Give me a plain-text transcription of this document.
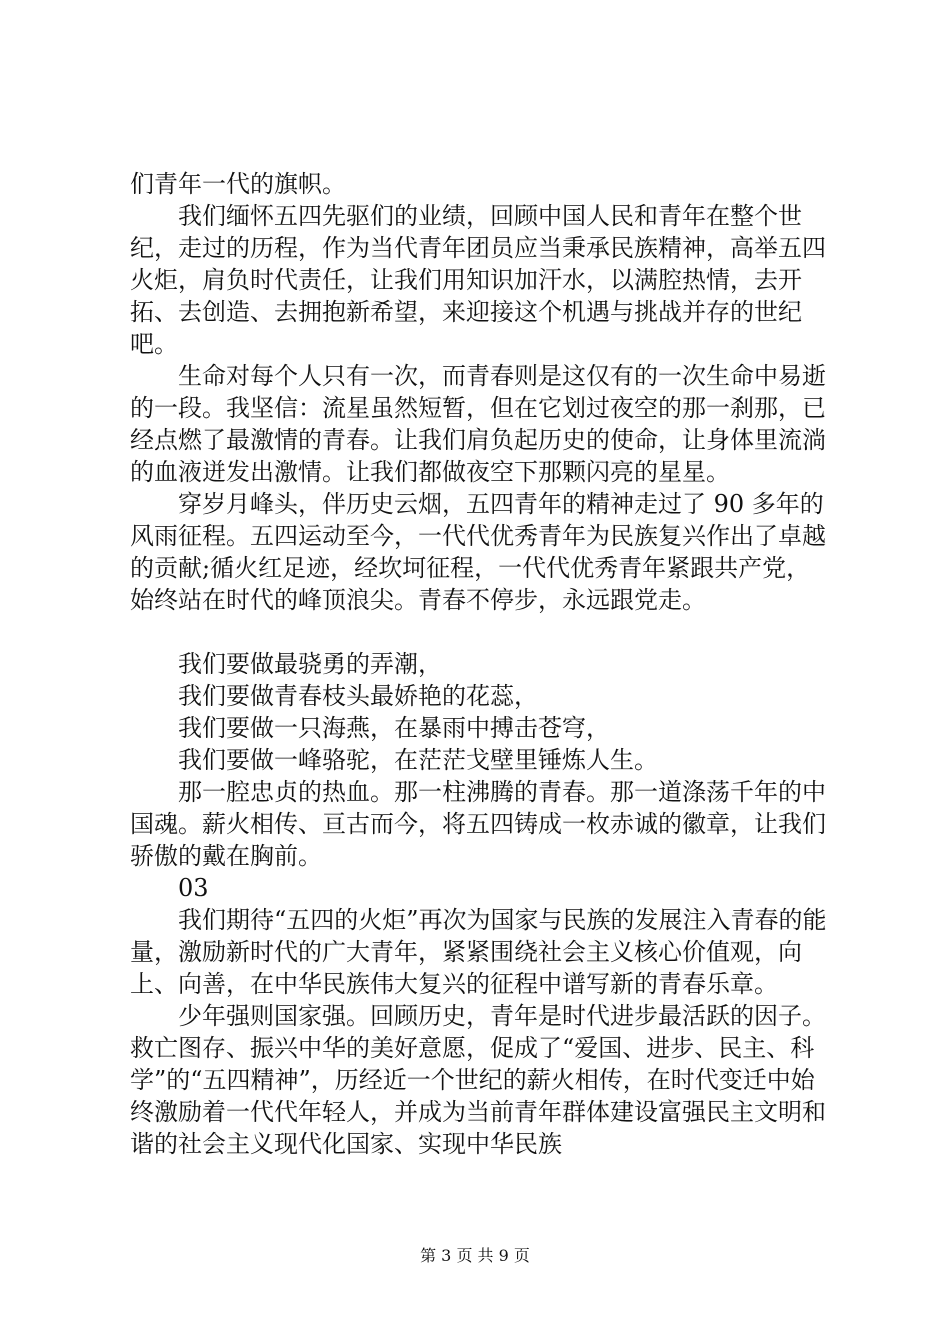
们青年一代的旗帜。

我们缅怀五四先驱们的业绩，回顾中国人民和青年在整个世纪，走过的历程，作为当代青年团员应当秉承民族精神，高举五四火炬，肩负时代责任，让我们用知识加汗水，以满腔热情，去开拓、去创造、去拥抱新希望，来迎接这个机遇与挑战并存的世纪吧。

生命对每个人只有一次，而青春则是这仅有的一次生命中易逝的一段。我坚信：流星虽然短暂，但在它划过夜空的那一刹那，已经点燃了最激情的青春。让我们肩负起历史的使命，让身体里流淌的血液迸发出激情。让我们都做夜空下那颗闪亮的星星。

穿岁月峰头，伴历史云烟，五四青年的精神走过了 90 多年的风雨征程。五四运动至今，一代代优秀青年为民族复兴作出了卓越的贡献;循火红足迹，经坎坷征程，一代代优秀青年紧跟共产党，始终站在时代的峰顶浪尖。青春不停步，永远跟党走。

我们要做最骁勇的弄潮，

我们要做青春枝头最娇艳的花蕊，

我们要做一只海燕，在暴雨中搏击苍穹，

我们要做一峰骆驼，在茫茫戈壁里锤炼人生。

那一腔忠贞的热血。那一柱沸腾的青春。那一道涤荡千年的中国魂。薪火相传、亘古而今，将五四铸成一枚赤诚的徽章，让我们骄傲的戴在胸前。

03

我们期待“五四的火炬”再次为国家与民族的发展注入青春的能量，激励新时代的广大青年，紧紧围绕社会主义核心价值观，向上、向善，在中华民族伟大复兴的征程中谱写新的青春乐章。

少年强则国家强。回顾历史，青年是时代进步最活跃的因子。救亡图存、振兴中华的美好意愿，促成了“爱国、进步、民主、科学”的“五四精神”，历经近一个世纪的薪火相传，在时代变迁中始终激励着一代代年轻人，并成为当前青年群体建设富强民主文明和谐的社会主义现代化国家、实现中华民族

第 3 页 共 9 页
